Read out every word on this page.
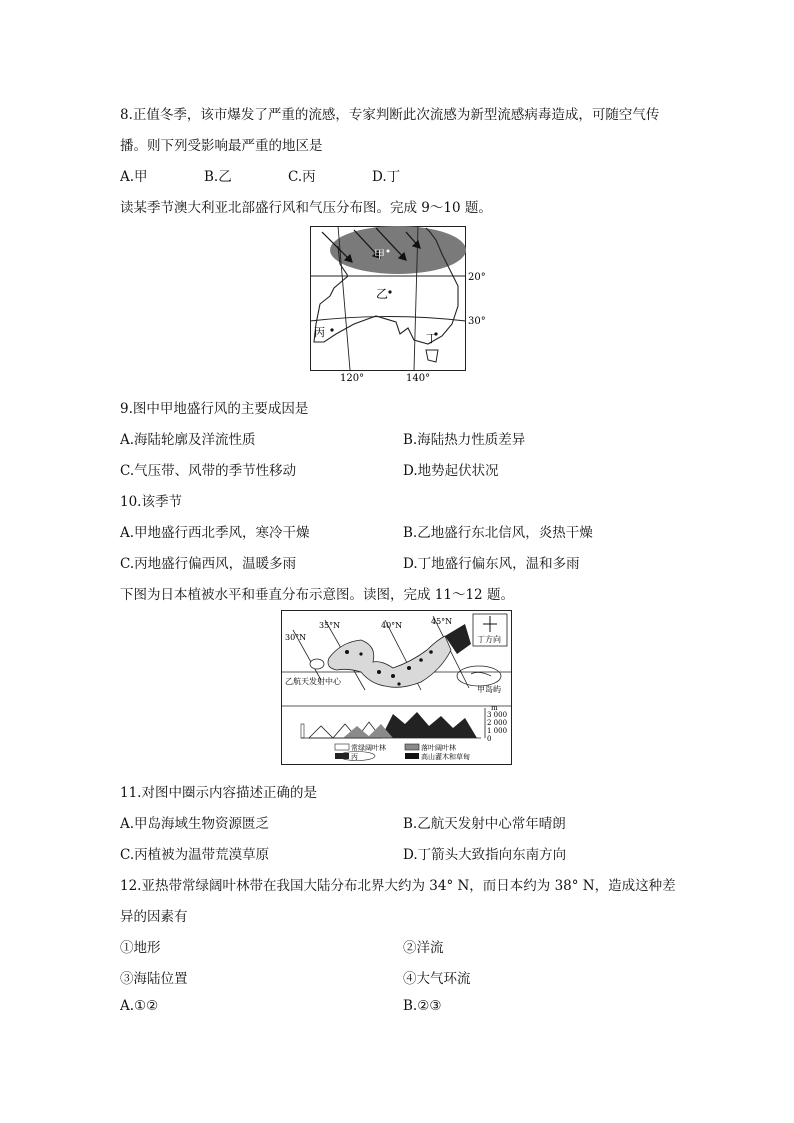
8.正值冬季，该市爆发了严重的流感，专家判断此次流感为新型流感病毒造成，可随空气传
播。则下列受影响最严重的地区是
A.甲	B.乙	C.丙	D.丁
读某季节澳大利亚北部盛行风和气压分布图。完成 9～10 题。
甲
乙
丙	丁
20°
30°
120°	140°
9.图中甲地盛行风的主要成因是
A.海陆轮廓及洋流性质	B.海陆热力性质差异
C.气压带、风带的季节性移动	D.地势起伏状况
10.该季节
A.甲地盛行西北季风，寒冷干燥	B.乙地盛行东北信风，炎热干燥
C.丙地盛行偏西风，温暖多雨	D.丁地盛行偏东风，温和多雨
下图为日本植被水平和垂直分布示意图。读图，完成 11～12 题。
30°N
35°N	40°N	45°N
丁方向
乙航天发射中心
甲岛屿
m
3 000
2 000
1 000
0
常绿阔叶林	落叶阔叶林
丙	高山灌木和草甸
11.对图中圈示内容描述正确的是
A.甲岛海域生物资源匮乏	B.乙航天发射中心常年晴朗
C.丙植被为温带荒漠草原	D.丁箭头大致指向东南方向
12.亚热带常绿阔叶林带在我国大陆分布北界大约为 34° N，而日本约为 38° N，造成这种差
异的因素有
①地形	②洋流
③海陆位置	④大气环流
A.①②	B.②③
